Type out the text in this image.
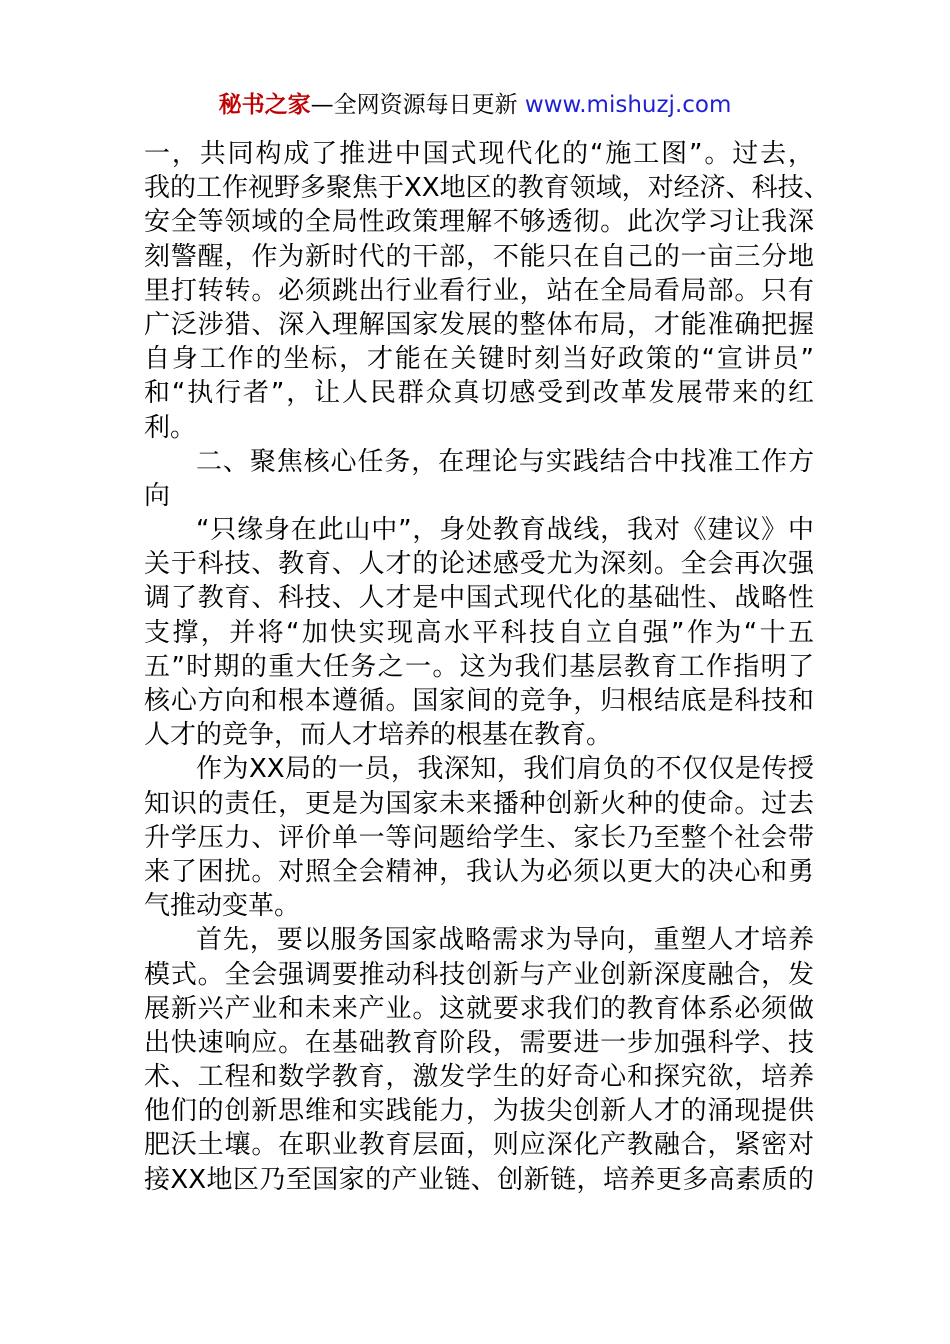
秘书之家—全网资源每日更新 www.mishuzj.com
一，共同构成了推进中国式现代化的“施工图”。过去，
我的工作视野多聚焦于XX地区的教育领域，对经济、科技、
安全等领域的全局性政策理解不够透彻。此次学习让我深
刻警醒，作为新时代的干部，不能只在自己的一亩三分地
里打转转。必须跳出行业看行业，站在全局看局部。只有
广泛涉猎、深入理解国家发展的整体布局，才能准确把握
自身工作的坐标，才能在关键时刻当好政策的“宣讲员”
和“执行者”，让人民群众真切感受到改革发展带来的红
利。
二、聚焦核心任务，在理论与实践结合中找准工作方
向
“只缘身在此山中”，身处教育战线，我对《建议》中
关于科技、教育、人才的论述感受尤为深刻。全会再次强
调了教育、科技、人才是中国式现代化的基础性、战略性
支撑，并将“加快实现高水平科技自立自强”作为“十五
五”时期的重大任务之一。这为我们基层教育工作指明了
核心方向和根本遵循。国家间的竞争，归根结底是科技和
人才的竞争，而人才培养的根基在教育。
作为XX局的一员，我深知，我们肩负的不仅仅是传授
知识的责任，更是为国家未来播种创新火种的使命。过去
升学压力、评价单一等问题给学生、家长乃至整个社会带
来了困扰。对照全会精神，我认为必须以更大的决心和勇
气推动变革。
首先，要以服务国家战略需求为导向，重塑人才培养
模式。全会强调要推动科技创新与产业创新深度融合，发
展新兴产业和未来产业。这就要求我们的教育体系必须做
出快速响应。在基础教育阶段，需要进一步加强科学、技
术、工程和数学教育，激发学生的好奇心和探究欲，培养
他们的创新思维和实践能力，为拔尖创新人才的涌现提供
肥沃土壤。在职业教育层面，则应深化产教融合，紧密对
接XX地区乃至国家的产业链、创新链，培养更多高素质的
